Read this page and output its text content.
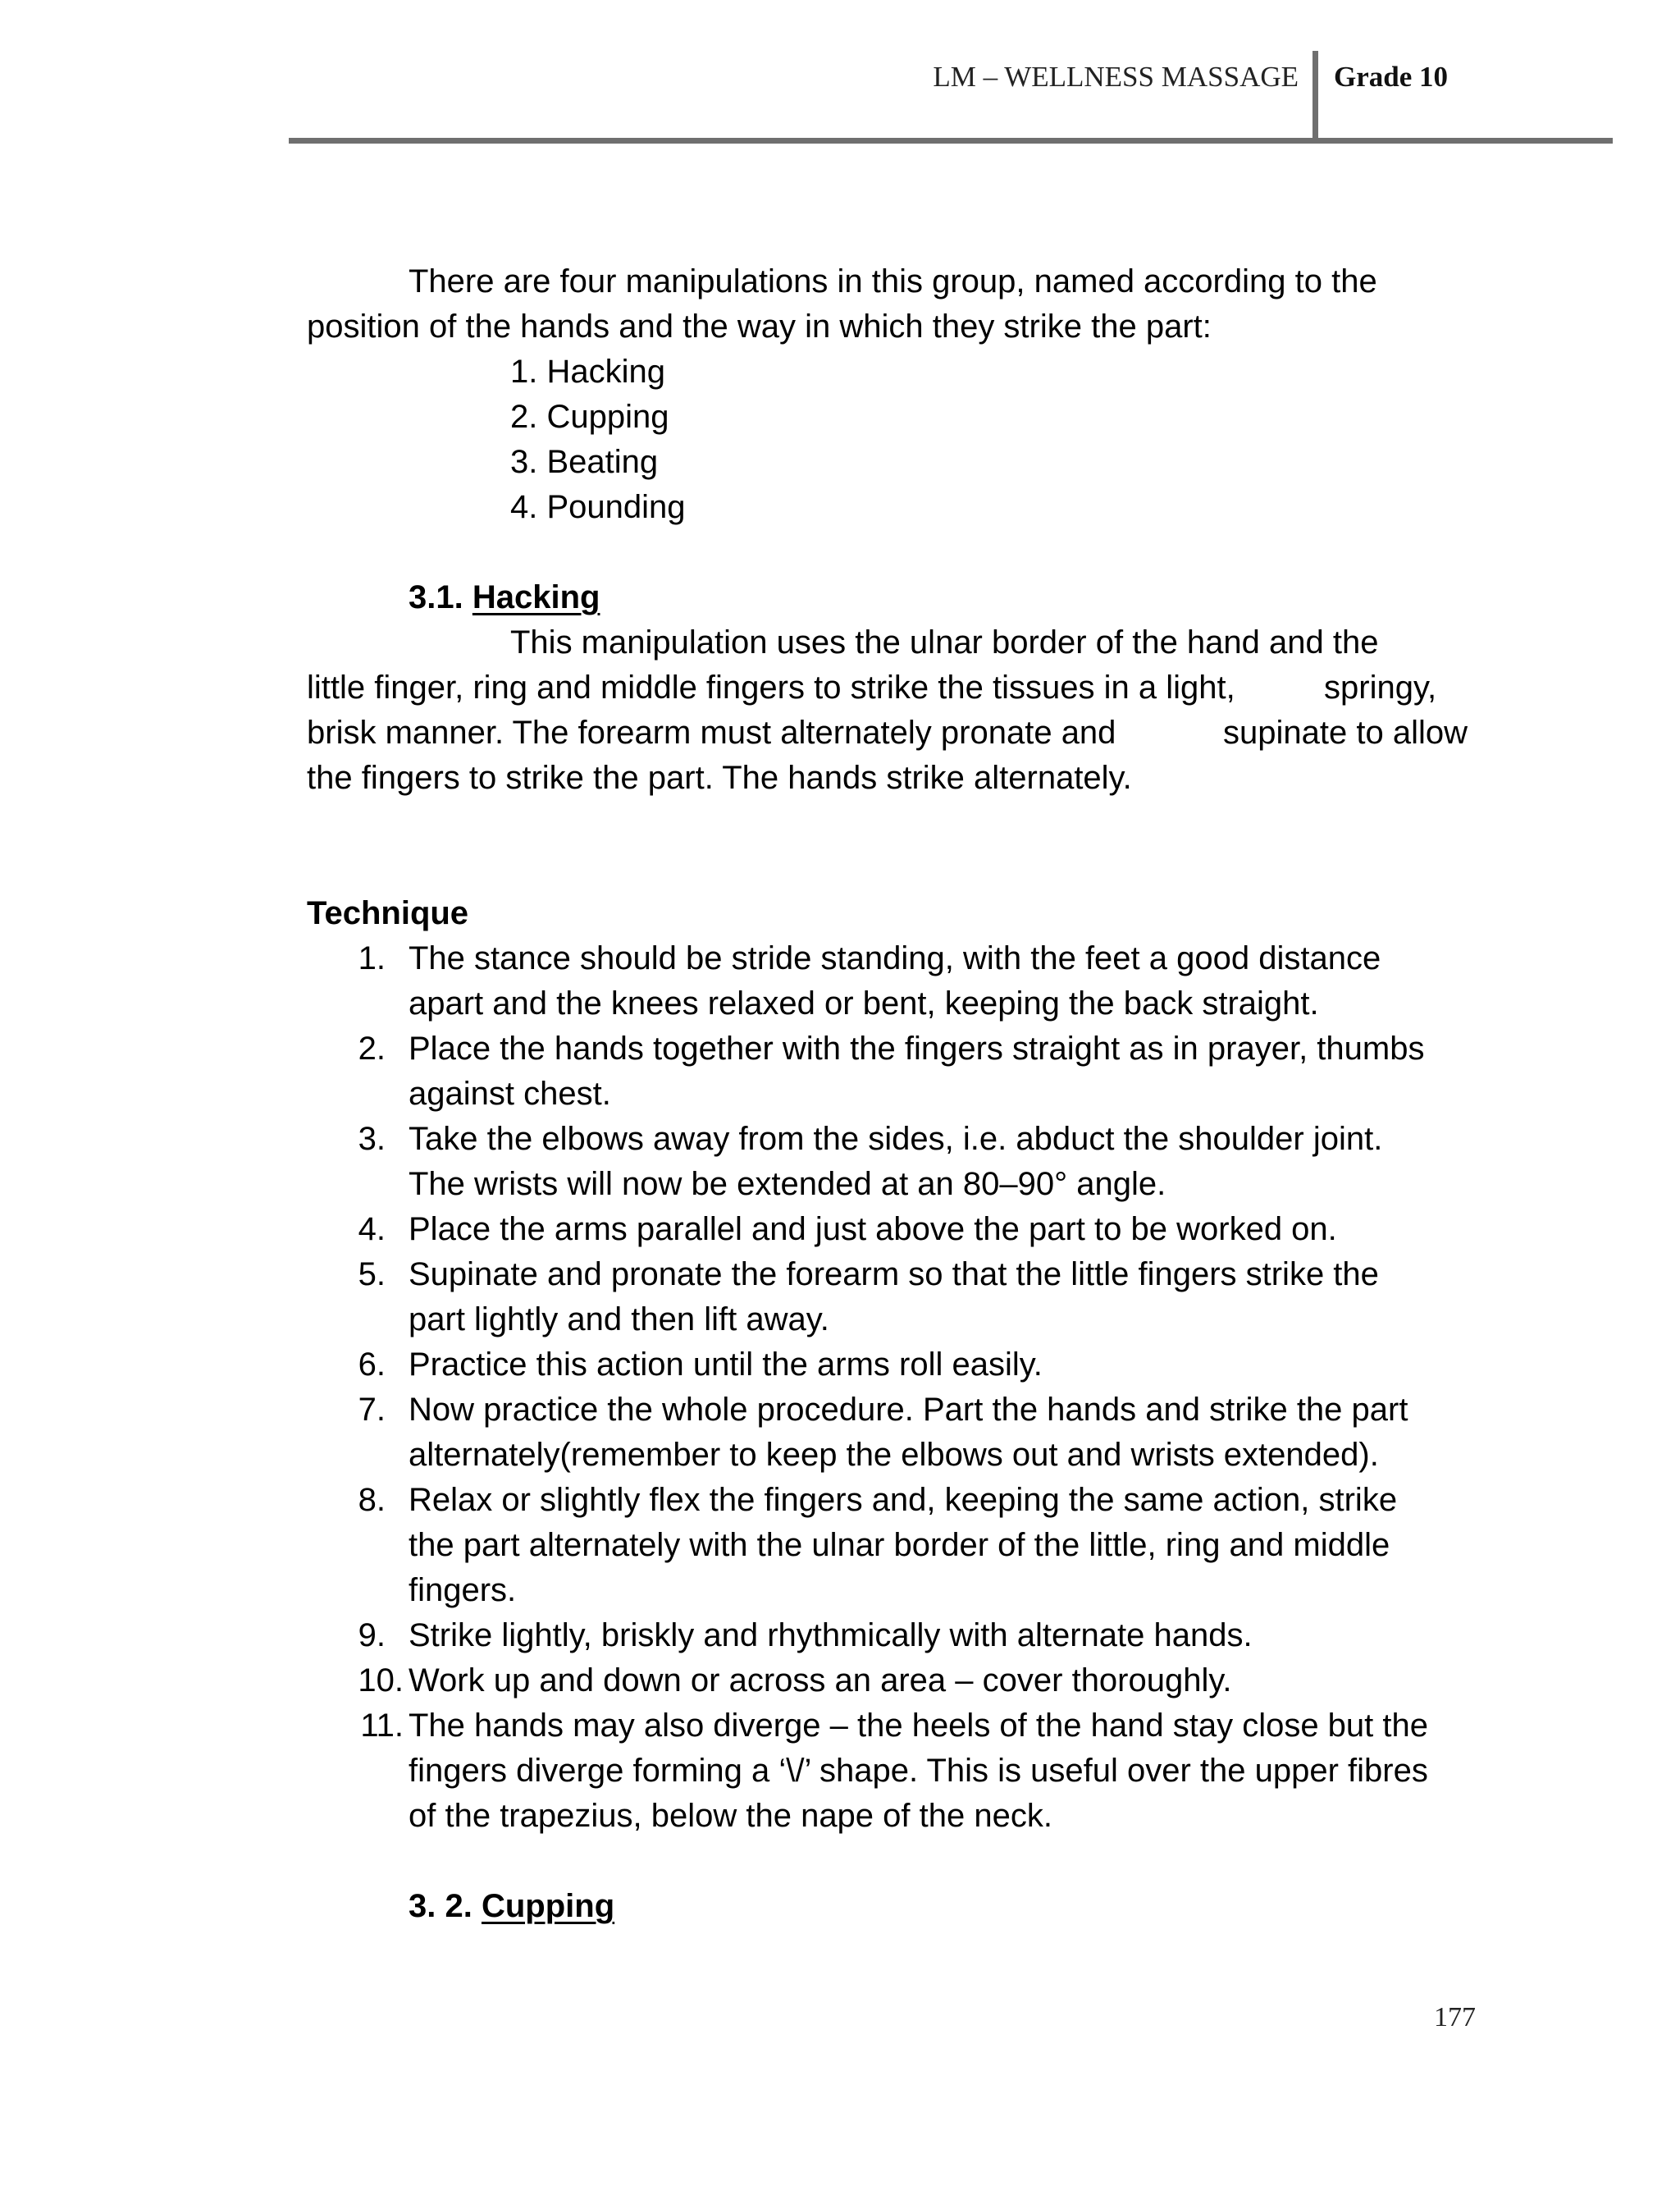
LM – WELLNESS MASSAGE Grade 10
There are four manipulations in this group, named according to the
position of the hands and the way in which they strike the part:
1. Hacking
2. Cupping
3. Beating
4. Pounding
3.1. Hacking
This manipulation uses the ulnar border of the hand and the
little finger, ring and middle fingers to strike the tissues in a light,	springy,
brisk manner. The forearm must alternately pronate and	supinate to allow
the fingers to strike the part. The hands strike alternately.
Technique
1. The stance should be stride standing, with the feet a good distance
apart and the knees relaxed or bent, keeping the back straight.
2. Place the hands together with the fingers straight as in prayer, thumbs
against chest.
3. Take the elbows away from the sides, i.e. abduct the shoulder joint.
The wrists will now be extended at an 80–90° angle.
4. Place the arms parallel and just above the part to be worked on.
5. Supinate and pronate the forearm so that the little fingers strike the
part lightly and then lift away.
6. Practice this action until the arms roll easily.
7. Now practice the whole procedure. Part the hands and strike the part
alternately(remember to keep the elbows out and wrists extended).
8. Relax or slightly flex the fingers and, keeping the same action, strike
the part alternately with the ulnar border of the little, ring and middle
fingers.
9. Strike lightly, briskly and rhythmically with alternate hands.
10. Work up and down or across an area – cover thoroughly.
11. The hands may also diverge – the heels of the hand stay close but the
fingers diverge forming a ‘\/’ shape. This is useful over the upper fibres
of the trapezius, below the nape of the neck.
3. 2. Cupping
177
